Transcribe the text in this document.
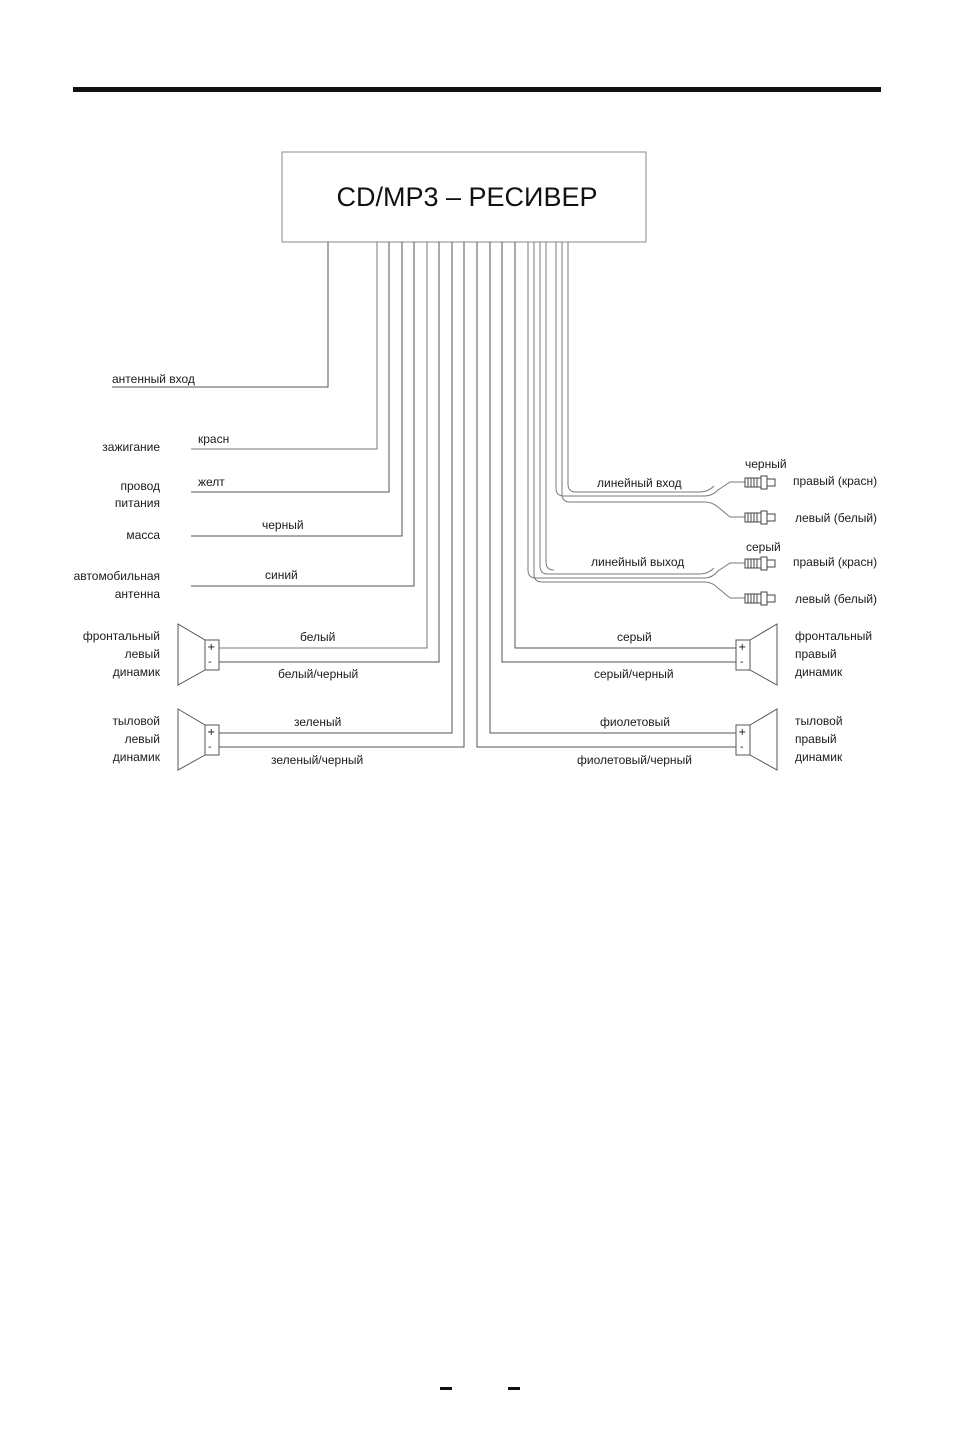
CD/MP3 – РЕСИВЕР
+
-
+
-
+
-
+
-
антенный вход
зажигание
провод
питания
масса
автомобильная
антенна
фронтальный
левый
динамик
тыловой
левый
динамик
красн
желт
черный
синий
белый
белый/черный
зеленый
зеленый/черный
черный
линейный вход	правый (красн)
левый (белый)
серый
линейный выход	правый (красн)
левый (белый)
фронтальный
правый
динамик
тыловой
правый
динамик
серый
серый/черный
фиолетовый
фиолетовый/черный
